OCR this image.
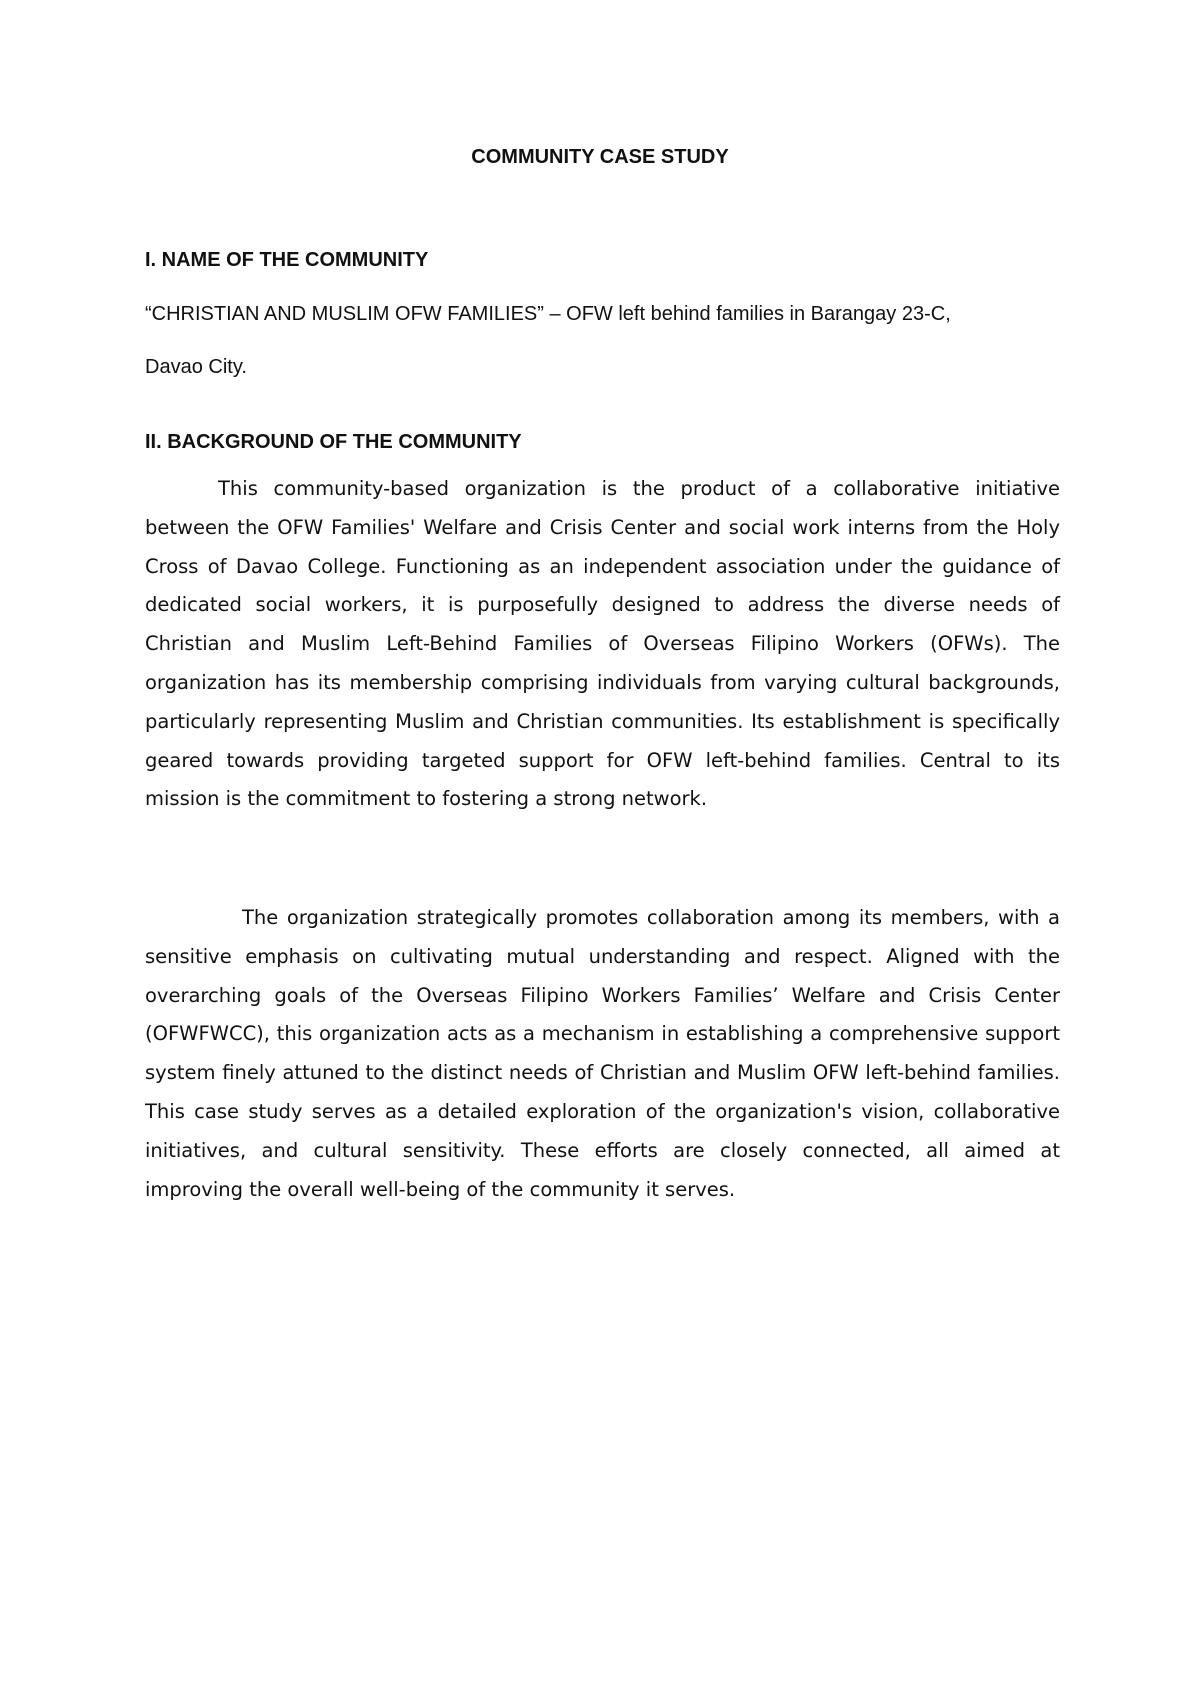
COMMUNITY CASE STUDY
I. NAME OF THE COMMUNITY

“CHRISTIAN AND MUSLIM OFW FAMILIES” – OFW left behind families in Barangay 23-C,

Davao City.

II. BACKGROUND OF THE COMMUNITY

This community-based organization is the product of a collaborative initiative between the OFW Families' Welfare and Crisis Center and social work interns from the Holy Cross of Davao College. Functioning as an independent association under the guidance of dedicated social workers, it is purposefully designed to address the diverse needs of Christian and Muslim Left-Behind Families of Overseas Filipino Workers (OFWs). The organization has its membership comprising individuals from varying cultural backgrounds, particularly representing Muslim and Christian communities. Its establishment is specifically geared towards providing targeted support for OFW left-behind families. Central to its mission is the commitment to fostering a strong network.

The organization strategically promotes collaboration among its members, with a sensitive emphasis on cultivating mutual understanding and respect. Aligned with the overarching goals of the Overseas Filipino Workers Families’ Welfare and Crisis Center (OFWFWCC), this organization acts as a mechanism in establishing a comprehensive support system finely attuned to the distinct needs of Christian and Muslim OFW left-behind families. This case study serves as a detailed exploration of the organization's vision, collaborative initiatives, and cultural sensitivity. These efforts are closely connected, all aimed at improving the overall well-being of the community it serves.
